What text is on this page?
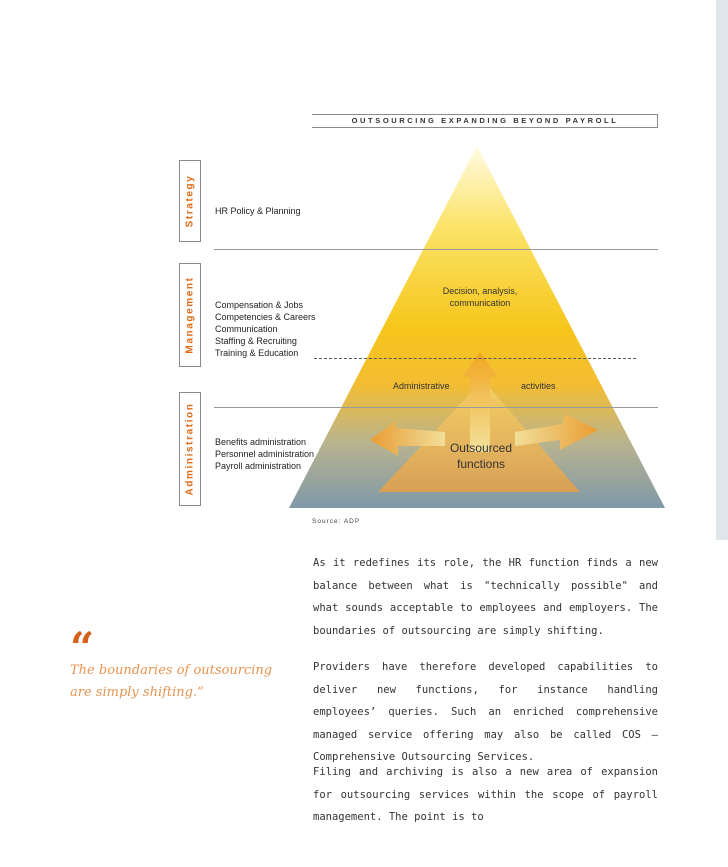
OUTSOURCING EXPANDING BEYOND PAYROLL
Decision, analysis,
communication
Administrative	activities
Outsourced
functions
Strategy
Management
Administration
HR Policy & Planning
Compensation & Jobs
Competencies & Careers
Communication
Staffing & Recruiting
Training & Education
Benefits administration
Personnel administration
Payroll administration
Source: ADP
As it redefines its role, the HR function finds a new balance between what is "technically possible" and what sounds acceptable to employees and employers. The boundaries of outsourcing are simply shifting.
Providers have therefore developed capabilities to deliver new functions, for instance handling employees’ queries. Such an enriched comprehensive managed service offering may also be called COS – Comprehensive Outsourcing Services.
Filing and archiving is also a new area of expansion for outsourcing services within the scope of payroll management. The point is to
“
The boundaries of outsourcing
are simply shifting.”
